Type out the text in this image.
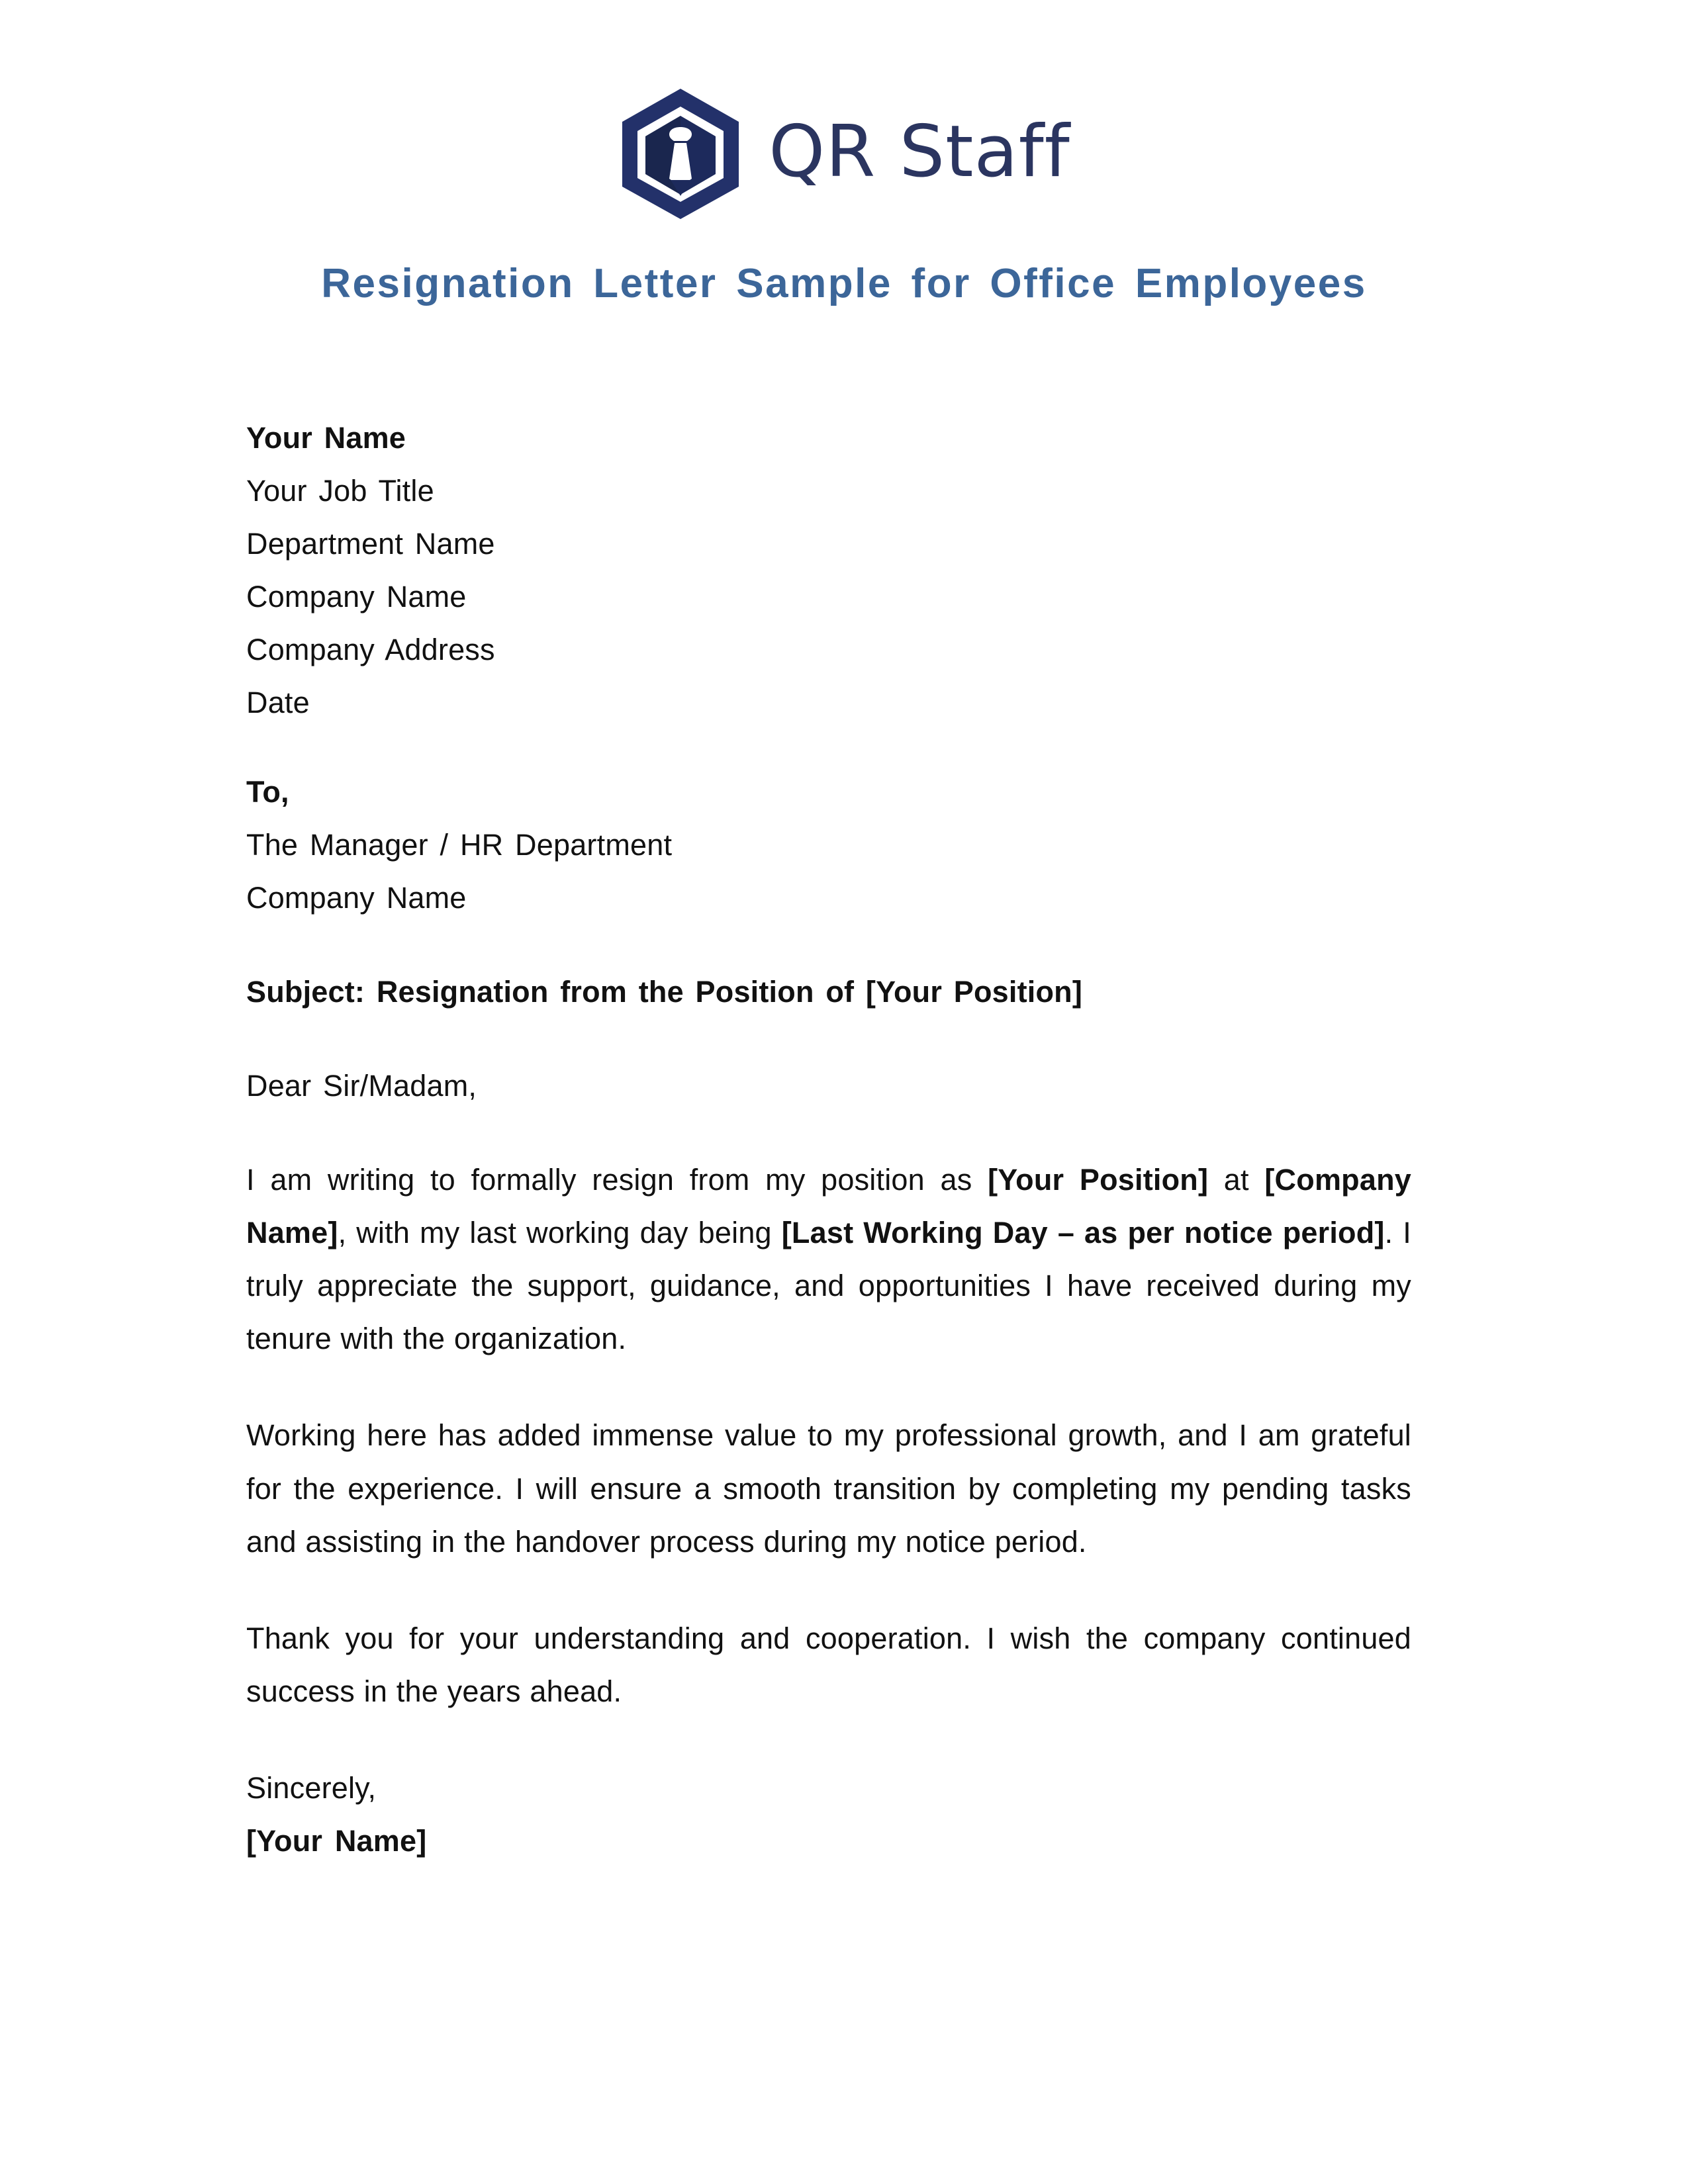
QR Staff
Resignation Letter Sample for Office Employees
Your Name
Your Job Title
Department Name
Company Name
Company Address
Date
To,
The Manager / HR Department
Company Name
Subject: Resignation from the Position of [Your Position]
Dear Sir/Madam,

I am writing to formally resign from my position as [Your Position] at [Company Name], with my last working day being [Last Working Day – as per notice period]. I truly appreciate the support, guidance, and opportunities I have received during my tenure with the organization.

Working here has added immense value to my professional growth, and I am grateful for the experience. I will ensure a smooth transition by completing my pending tasks and assisting in the handover process during my notice period.

Thank you for your understanding and cooperation. I wish the company continued success in the years ahead.

Sincerely,
[Your Name]
